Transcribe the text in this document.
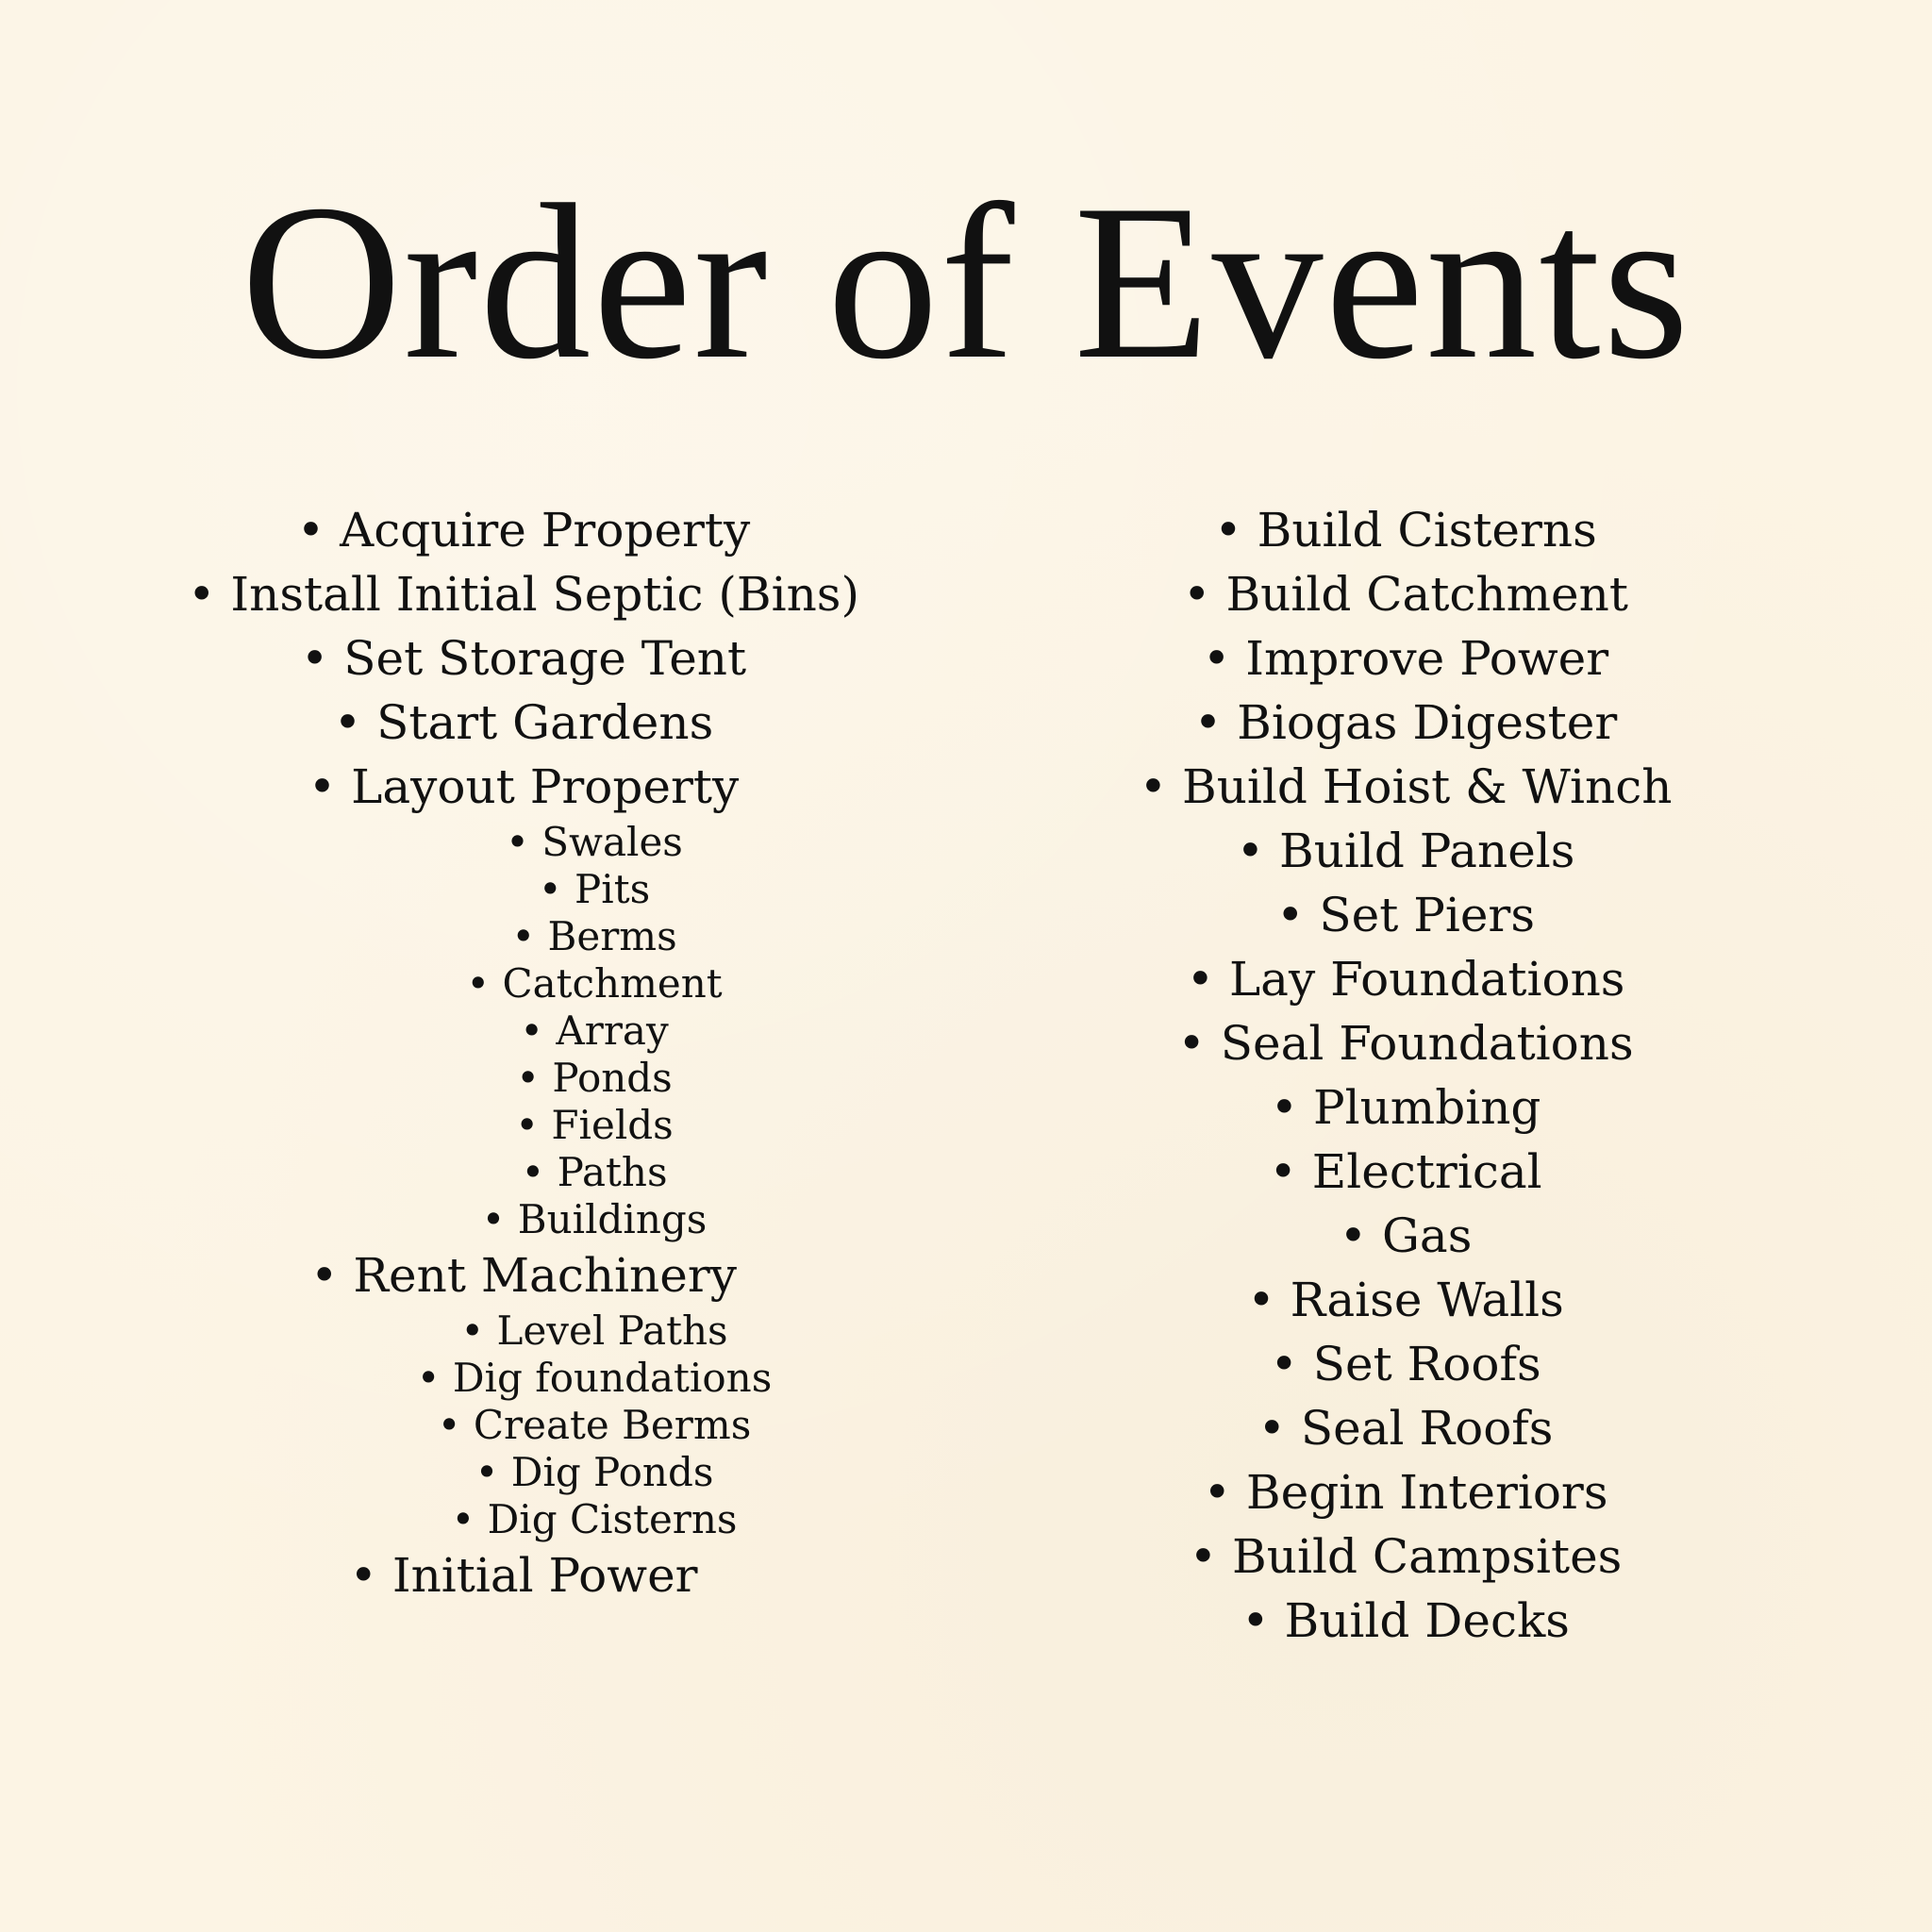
Order of Events
• Acquire Property
• Install Initial Septic (Bins)
• Set Storage Tent
• Start Gardens
• Layout Property
• Swales
• Pits
• Berms
• Catchment
• Array
• Ponds
• Fields
• Paths
• Buildings
• Rent Machinery
• Level Paths
• Dig foundations
• Create Berms
• Dig Ponds
• Dig Cisterns
• Initial Power
• Build Cisterns
• Build Catchment
• Improve Power
• Biogas Digester
• Build Hoist & Winch
• Build Panels
• Set Piers
• Lay Foundations
• Seal Foundations
• Plumbing
• Electrical
• Gas
• Raise Walls
• Set Roofs
• Seal Roofs
• Begin Interiors
• Build Campsites
• Build Decks
